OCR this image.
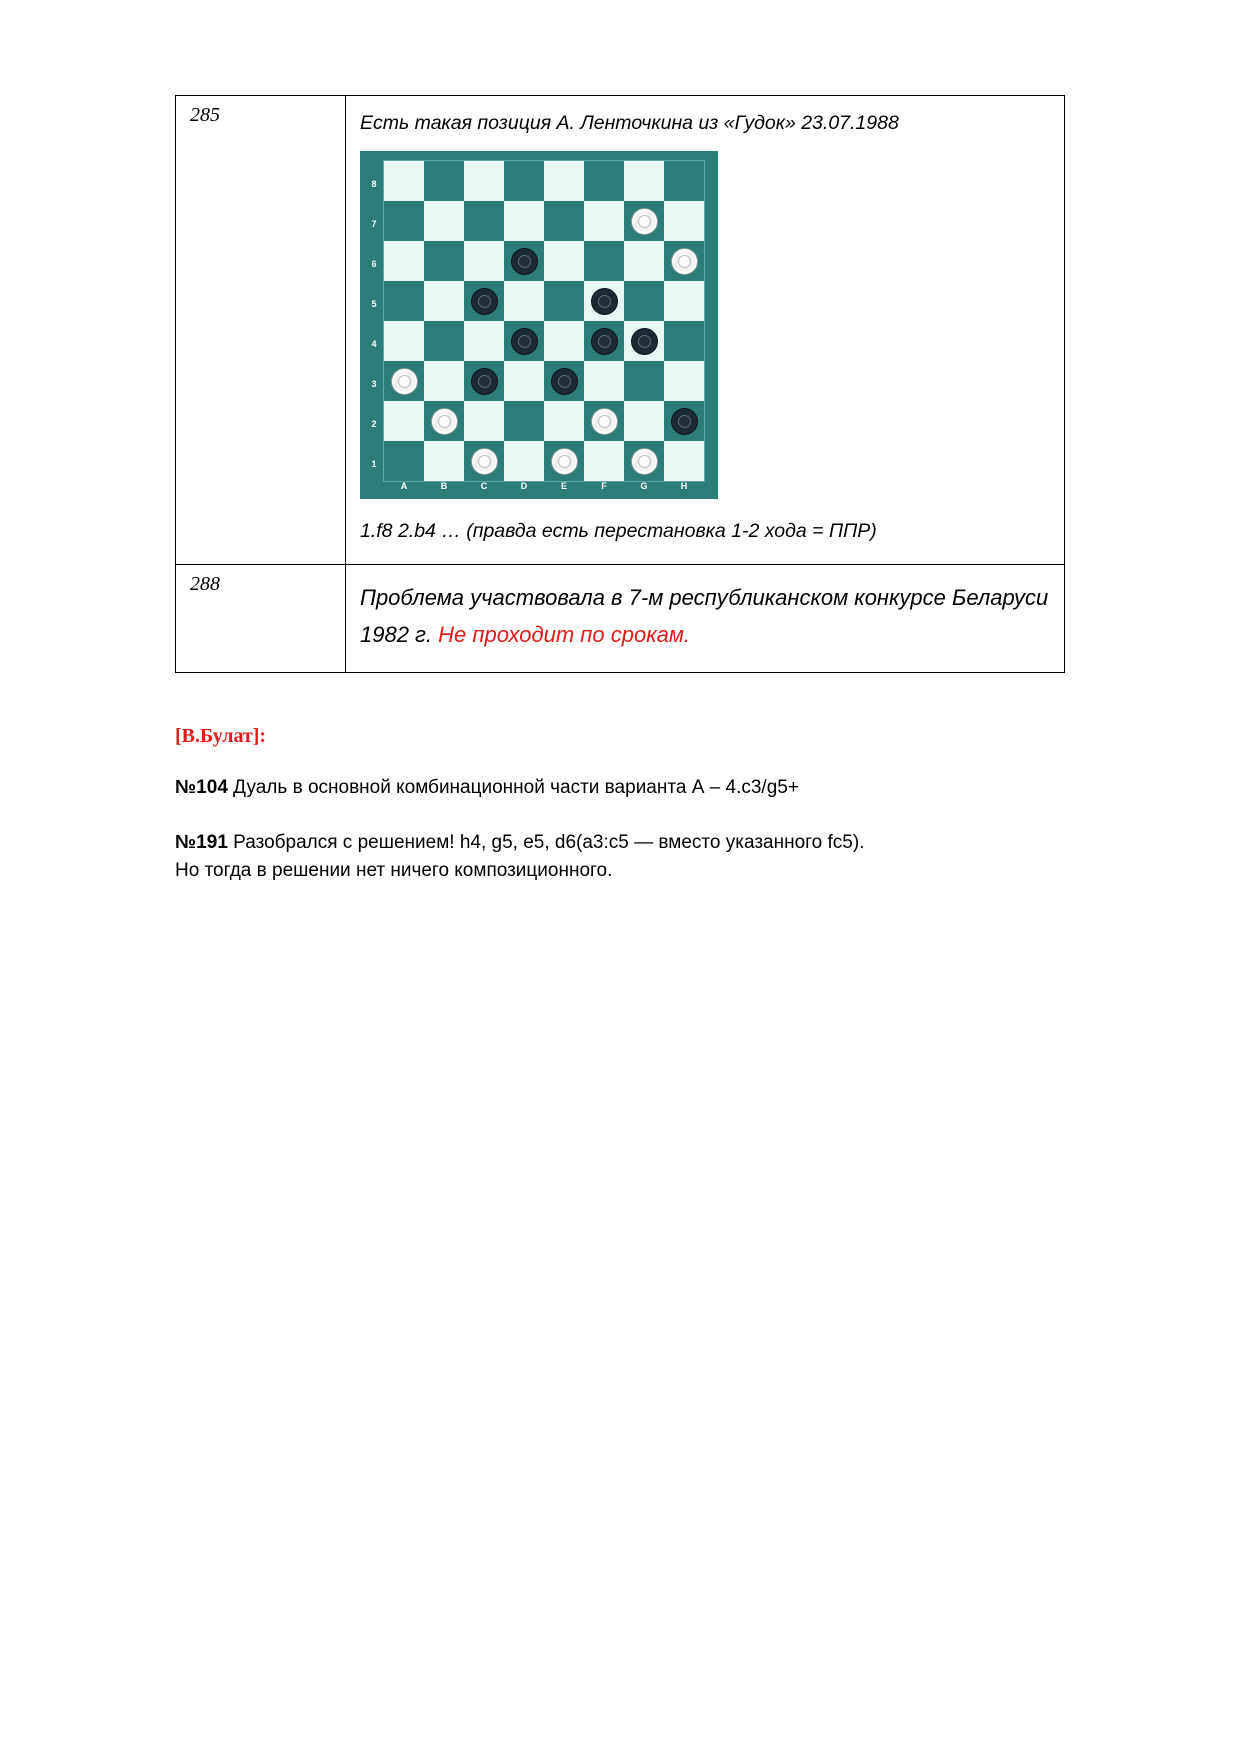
285	Есть такая позиция А. Ленточкина из «Гудок» 23.07.1988

8
7
6
5
4
3
2
1
A	B	C	D	E	F	G	H

1.f8 2.b4 … (правда есть перестановка 1-2 хода = ППР)

288	Проблема участвовала в 7-м республиканском конкурсе Беларуси 1982 г. Не проходит по срокам.

[В.Булат]:

№104 Дуаль в основной комбинационной части варианта А – 4.c3/g5+

№191 Разобрался с решением! h4, g5, e5, d6(a3:c5 — вместо указанного fc5).
Но тогда в решении нет ничего композиционного.
